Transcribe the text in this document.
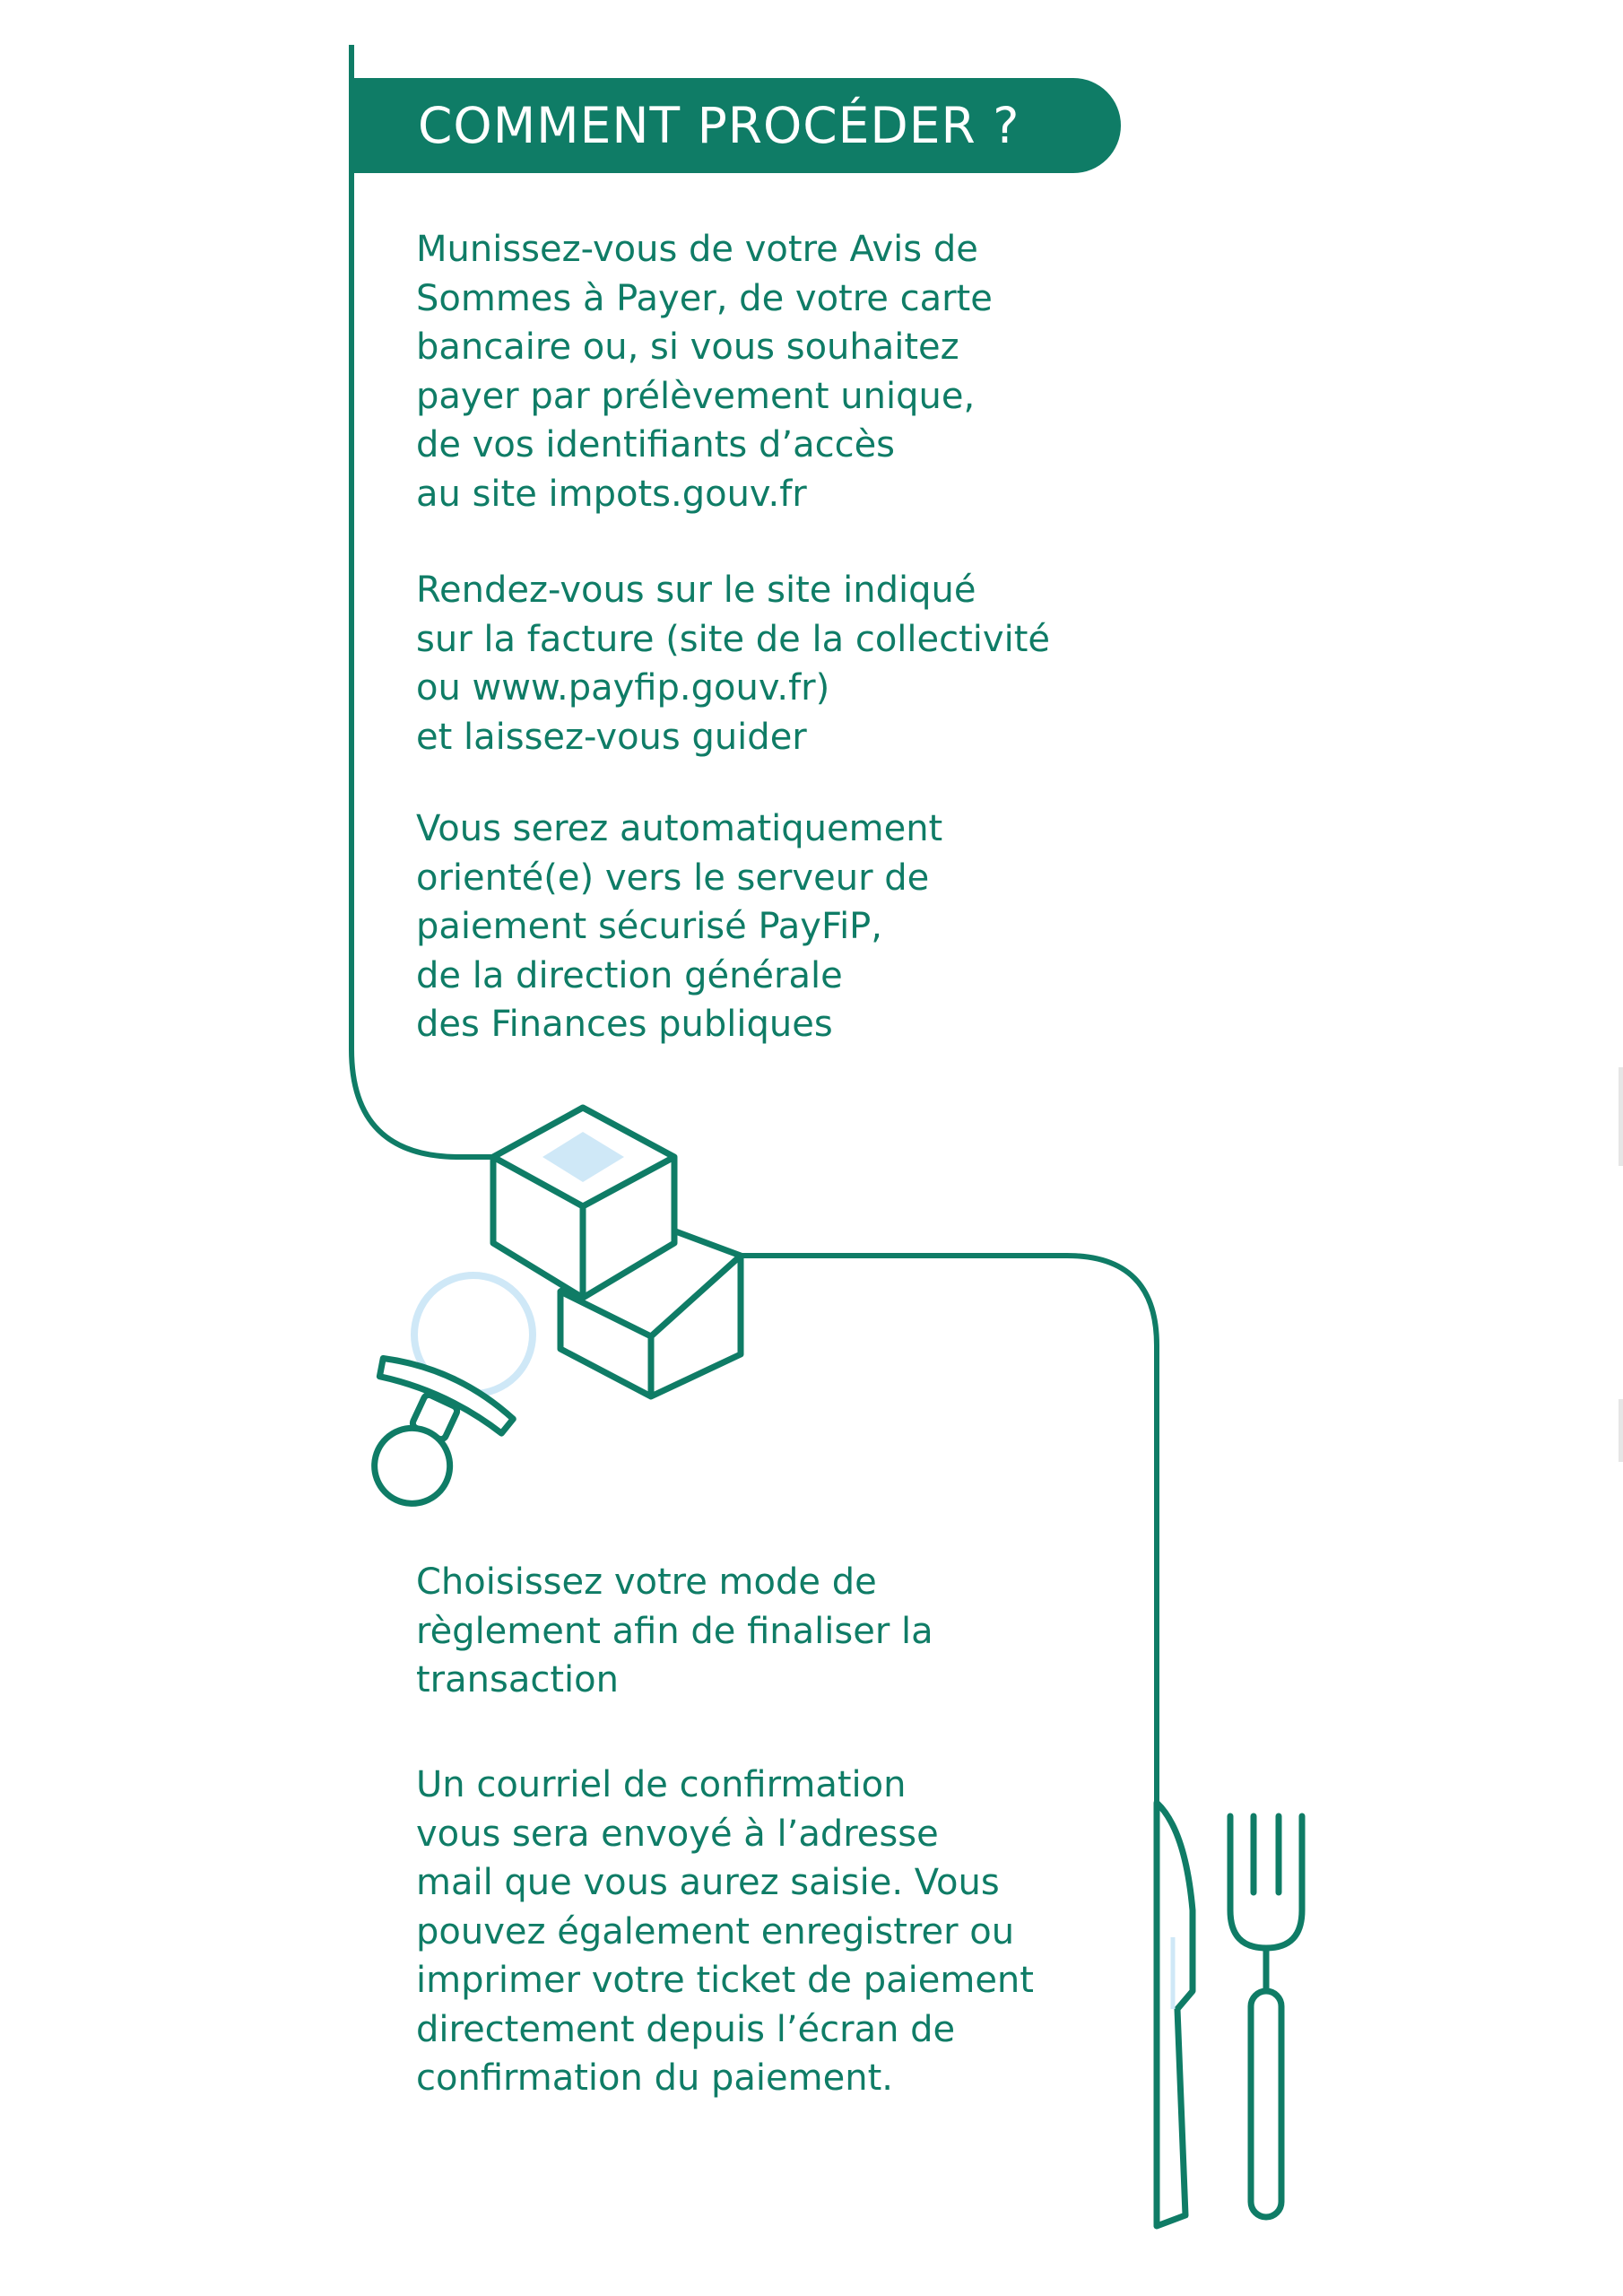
COMMENT PROCÉDER ?

Munissez-vous de votre Avis de
Sommes à Payer, de votre carte
bancaire ou, si vous souhaitez
payer par prélèvement unique,
de vos identifiants d’accès
au site impots.gouv.fr

Rendez-vous sur le site indiqué
sur la facture (site de la collectivité
ou www.payfip.gouv.fr)
et laissez-vous guider

Vous serez automatiquement
orienté(e) vers le serveur de
paiement sécurisé PayFiP,
de la direction générale
des Finances publiques

Choisissez votre mode de
règlement afin de finaliser la
transaction

Un courriel de confirmation
vous sera envoyé à l’adresse
mail que vous aurez saisie. Vous
pouvez également enregistrer ou
imprimer votre ticket de paiement
directement depuis l’écran de
confirmation du paiement.
